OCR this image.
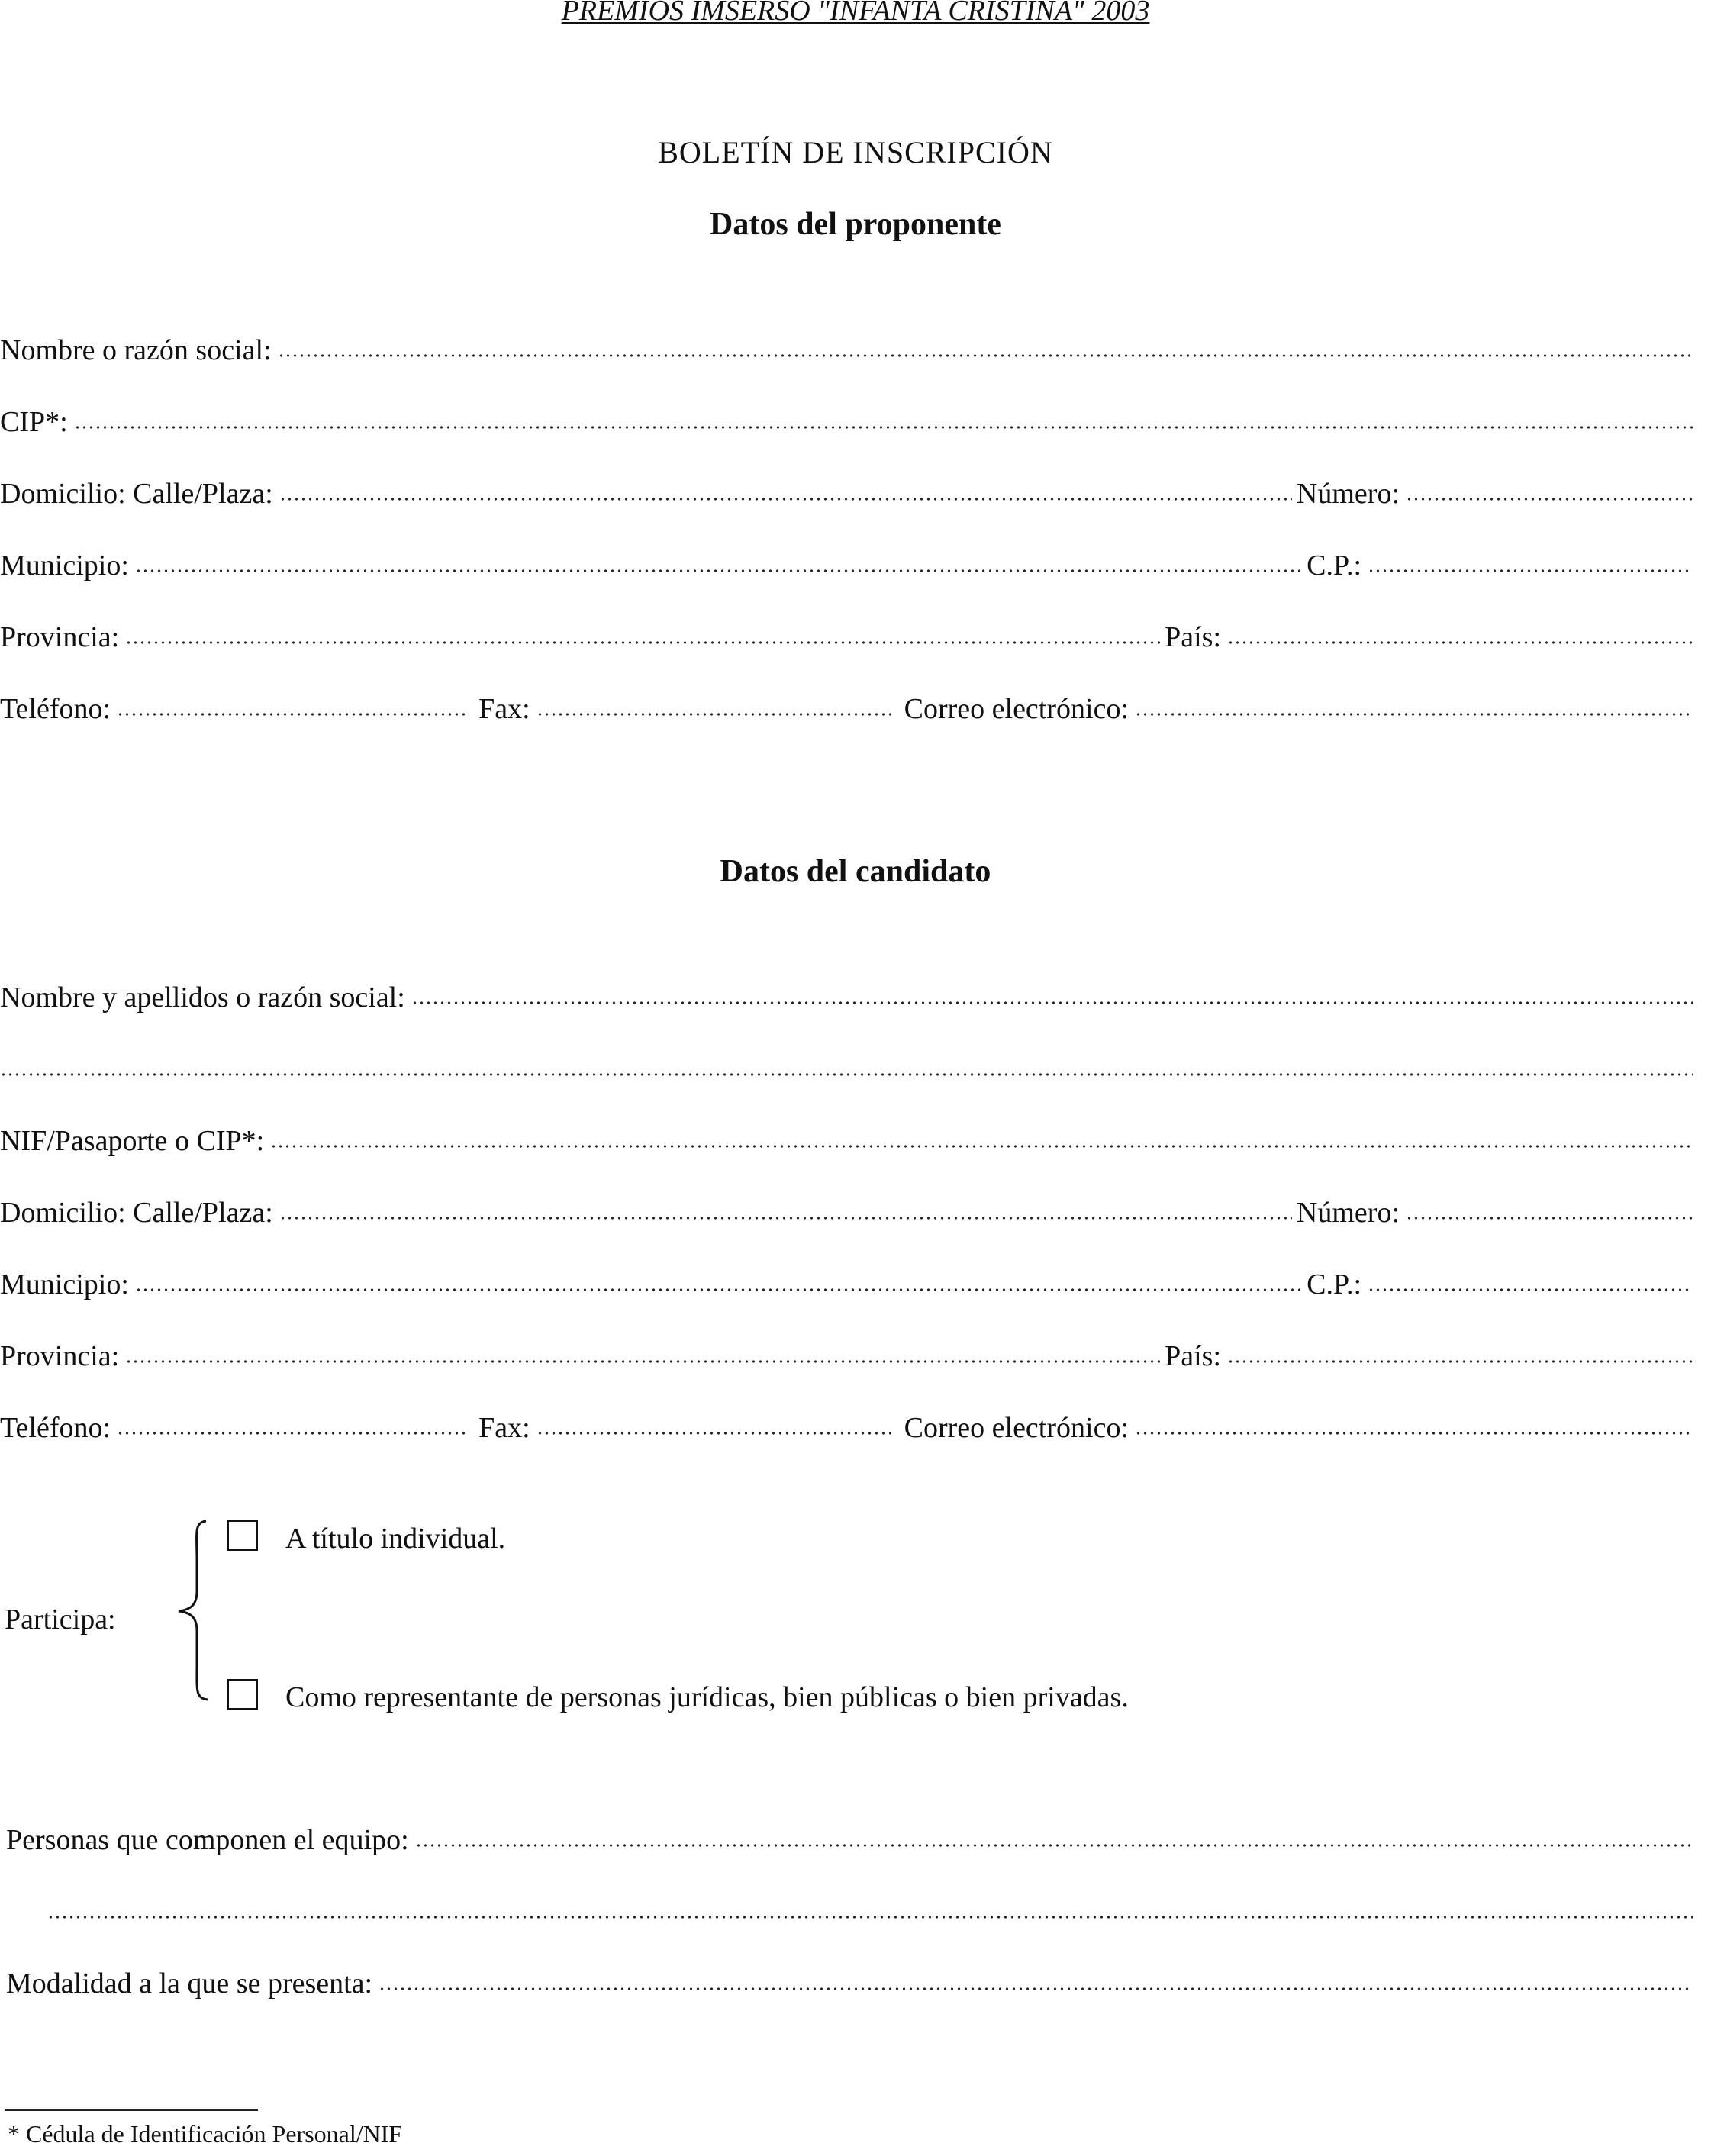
PREMIOS IMSERSO "INFANTA CRISTINA" 2003
BOLETÍN DE INSCRIPCIÓN
Datos del proponente
Nombre o razón social:
CIP*:
Domicilio: Calle/Plaza:	Número:
Municipio:	C.P.:
Provincia:	País:
Teléfono:	Fax:	Correo electrónico:
Datos del candidato
Nombre y apellidos o razón social:
NIF/Pasaporte o CIP*:
Domicilio: Calle/Plaza:	Número:
Municipio:	C.P.:
Provincia:	País:
Teléfono:	Fax:	Correo electrónico:
Participa:
A título individual.
Como representante de personas jurídicas, bien públicas o bien privadas.
Personas que componen el equipo:
Modalidad a la que se presenta:
* Cédula de Identificación Personal/NIF
